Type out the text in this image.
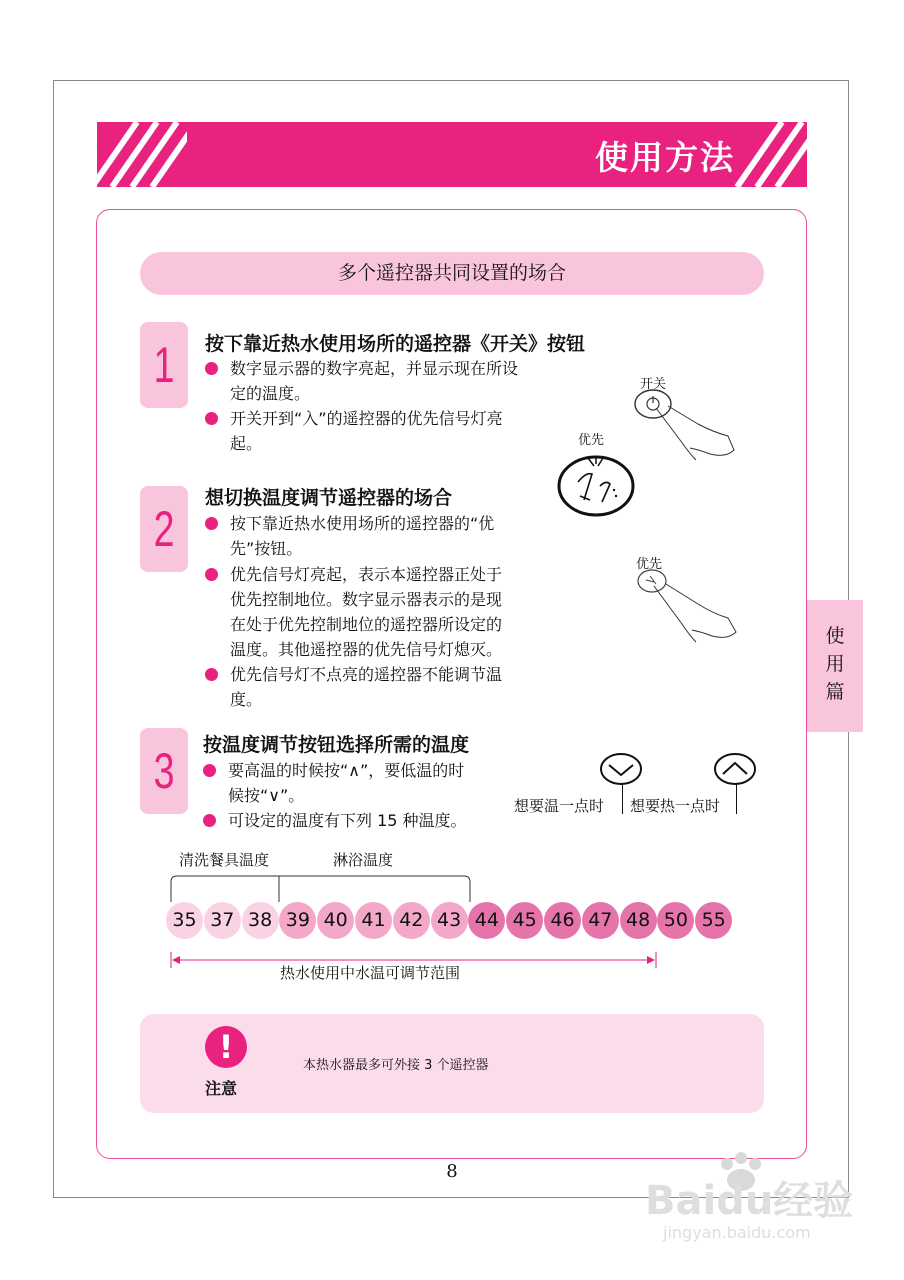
使用方法
多个遥控器共同设置的场合
1	按下靠近热水使用场所的遥控器《开关》按钮
数字显示器的数字亮起，并显示现在所设
定的温度。
开关开到“入”的遥控器的优先信号灯亮
起。
2
想切换温度调节遥控器的场合
按下靠近热水使用场所的遥控器的“优
先”按钮。
优先信号灯亮起，表示本遥控器正处于
优先控制地位。数字显示器表示的是现
在处于优先控制地位的遥控器所设定的
温度。其他遥控器的优先信号灯熄灭。
优先信号灯不点亮的遥控器不能调节温
度。
3	按温度调节按钮选择所需的温度
要高温的时候按“∧”，要低温的时
候按“∨”。
可设定的温度有下列 15 种温度。
开关
优先
优先
想要温一点时 想要热一点时
清洗餐具温度	淋浴温度
35 37 38 39 40 41 42 43 44 45 46 47 48 50 55
热水使用中水温可调节范围
使
用
篇
!
注意
本热水器最多可外接 3 个遥控器
8
Baidu经验
jingyan.baidu.com
